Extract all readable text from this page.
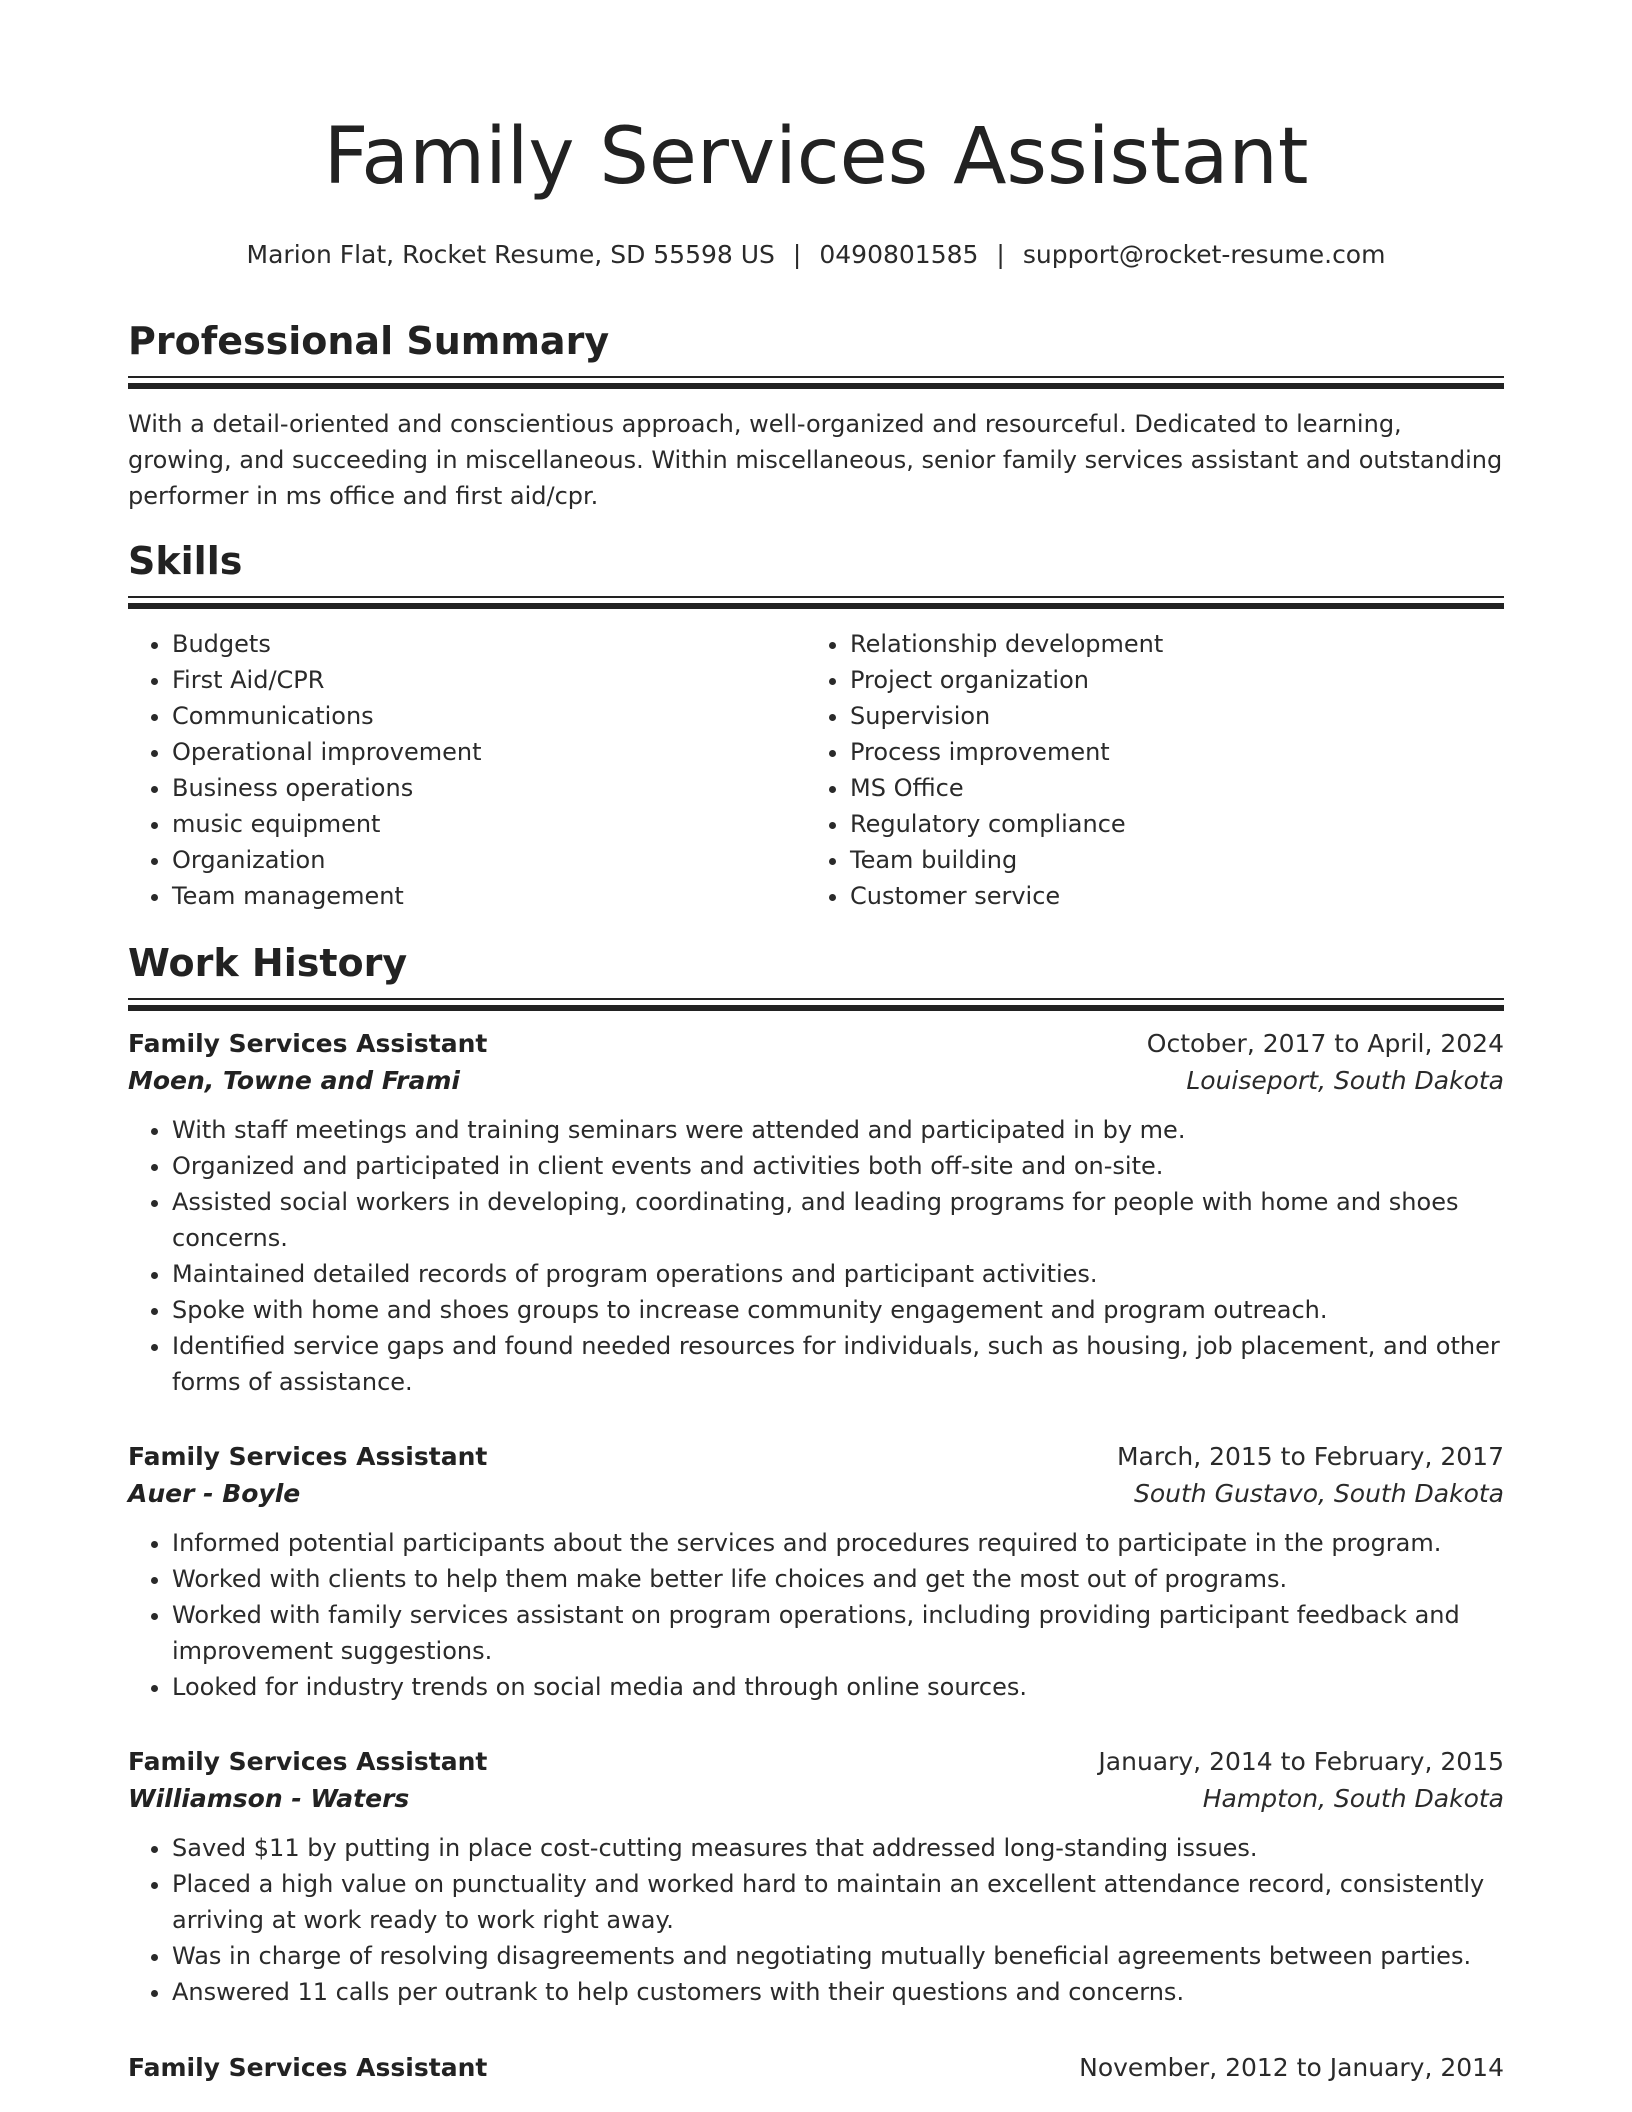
Family Services Assistant
Marion Flat, Rocket Resume, SD 55598 US | 0490801585 | support@rocket-resume.com
Professional Summary
With a detail-oriented and conscientious approach, well-organized and resourceful. Dedicated to learning, growing, and succeeding in miscellaneous. Within miscellaneous, senior family services assistant and outstanding performer in ms office and first aid/cpr.
Skills
• Budgets
• First Aid/CPR
• Communications
• Operational improvement
• Business operations
• music equipment
• Organization
• Team management
• Relationship development
• Project organization
• Supervision
• Process improvement
• MS Office
• Regulatory compliance
• Team building
• Customer service
Work History
Family Services Assistant	October, 2017 to April, 2024
Moen, Towne and Frami	Louiseport, South Dakota
• With staff meetings and training seminars were attended and participated in by me.
• Organized and participated in client events and activities both off-site and on-site.
• Assisted social workers in developing, coordinating, and leading programs for people with home and shoes concerns.
• Maintained detailed records of program operations and participant activities.
• Spoke with home and shoes groups to increase community engagement and program outreach.
• Identified service gaps and found needed resources for individuals, such as housing, job placement, and other forms of assistance.
Family Services Assistant	March, 2015 to February, 2017
Auer - Boyle	South Gustavo, South Dakota
• Informed potential participants about the services and procedures required to participate in the program.
• Worked with clients to help them make better life choices and get the most out of programs.
• Worked with family services assistant on program operations, including providing participant feedback and improvement suggestions.
• Looked for industry trends on social media and through online sources.
Family Services Assistant	January, 2014 to February, 2015
Williamson - Waters	Hampton, South Dakota
• Saved $11 by putting in place cost-cutting measures that addressed long-standing issues.
• Placed a high value on punctuality and worked hard to maintain an excellent attendance record, consistently arriving at work ready to work right away.
• Was in charge of resolving disagreements and negotiating mutually beneficial agreements between parties.
• Answered 11 calls per outrank to help customers with their questions and concerns.
Family Services Assistant	November, 2012 to January, 2014
